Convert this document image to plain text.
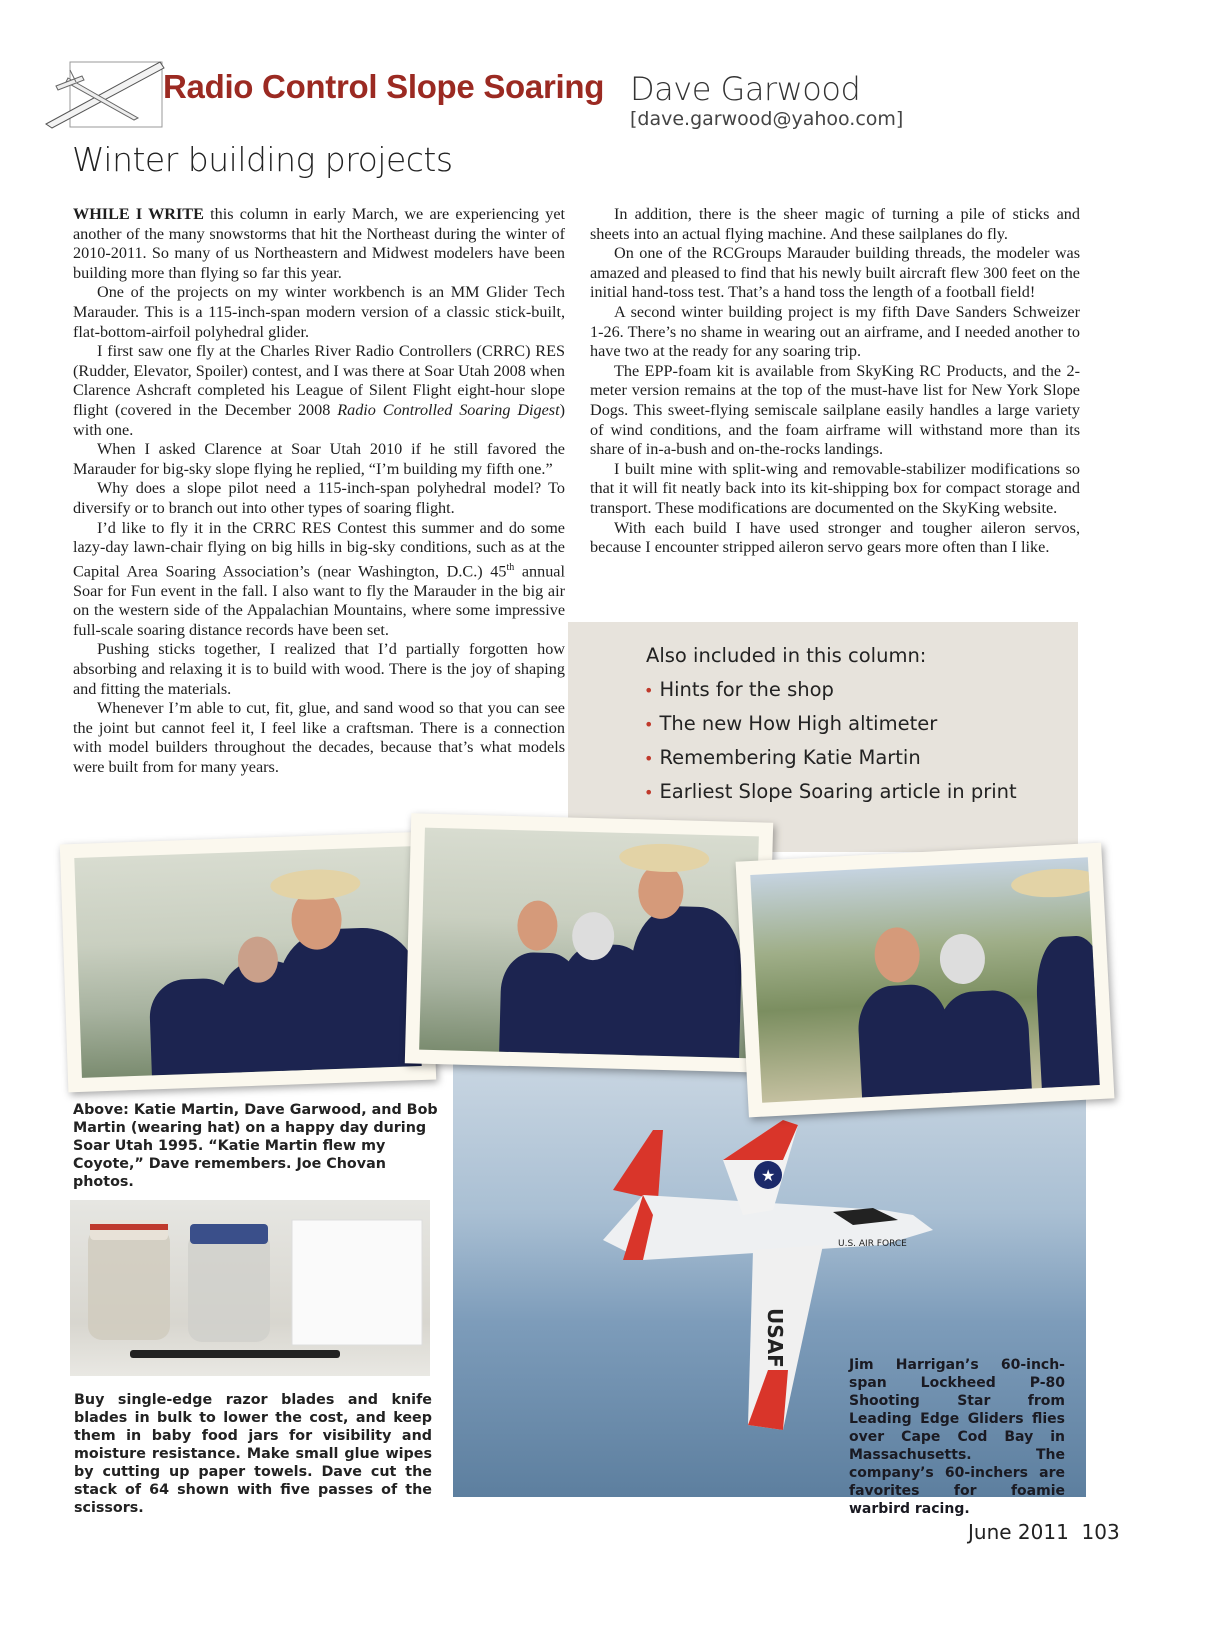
Radio Control Slope Soaring Dave Garwood
[dave.garwood@yahoo.com]
Winter building projects

WHILE I WRITE this column in early March, we are experiencing yet another of the many snowstorms that hit the Northeast during the winter of 2010-2011. So many of us Northeastern and Midwest modelers have been building more than flying so far this year.

One of the projects on my winter workbench is an MM Glider Tech Marauder. This is a 115-inch-span modern version of a classic stick-built, flat-bottom-airfoil polyhedral glider.

I first saw one fly at the Charles River Radio Controllers (CRRC) RES (Rudder, Elevator, Spoiler) contest, and I was there at Soar Utah 2008 when Clarence Ashcraft completed his League of Silent Flight eight-hour slope flight (covered in the December 2008 Radio Controlled Soaring Digest) with one.

When I asked Clarence at Soar Utah 2010 if he still favored the Marauder for big-sky slope flying he replied, “I’m building my fifth one.”

Why does a slope pilot need a 115-inch-span polyhedral model? To diversify or to branch out into other types of soaring flight.

I’d like to fly it in the CRRC RES Contest this summer and do some lazy-day lawn-chair flying on big hills in big-sky conditions, such as at the Capital Area Soaring Association’s (near Washington, D.C.) 45th annual Soar for Fun event in the fall. I also want to fly the Marauder in the big air on the western side of the Appalachian Mountains, where some impressive full-scale soaring distance records have been set.

Pushing sticks together, I realized that I’d partially forgotten how absorbing and relaxing it is to build with wood. There is the joy of shaping and fitting the materials.

Whenever I’m able to cut, fit, glue, and sand wood so that you can see the joint but cannot feel it, I feel like a craftsman. There is a connection with model builders throughout the decades, because that’s what models were built from for many years.

In addition, there is the sheer magic of turning a pile of sticks and sheets into an actual flying machine. And these sailplanes do fly.

On one of the RCGroups Marauder building threads, the modeler was amazed and pleased to find that his newly built aircraft flew 300 feet on the initial hand-toss test. That’s a hand toss the length of a football field!

A second winter building project is my fifth Dave Sanders Schweizer 1-26. There’s no shame in wearing out an airframe, and I needed another to have two at the ready for any soaring trip.

The EPP-foam kit is available from SkyKing RC Products, and the 2-meter version remains at the top of the must-have list for New York Slope Dogs. This sweet-flying semiscale sailplane easily handles a large variety of wind conditions, and the foam airframe will withstand more than its share of in-a-bush and on-the-rocks landings.

I built mine with split-wing and removable-stabilizer modifications so that it will fit neatly back into its kit-shipping box for compact storage and transport. These modifications are documented on the SkyKing website.

With each build I have used stronger and tougher aileron servos, because I encounter stripped aileron servo gears more often than I like.

Also included in this column:
• Hints for the shop
• The new How High altimeter
• Remembering Katie Martin
• Earliest Slope Soaring article in print
★
U.S. AIR FORCE
USAF
Above: Katie Martin, Dave Garwood, and Bob Martin (wearing hat) on a happy day during Soar Utah 1995. “Katie Martin flew my Coyote,” Dave remembers. Joe Chovan photos.
Buy single-edge razor blades and knife blades in bulk to lower the cost, and keep them in baby food jars for visibility and moisture resistance. Make small glue wipes by cutting up paper towels. Dave cut the stack of 64 shown with five passes of the scissors.
Jim Harrigan’s 60-inch-span Lockheed P-80 Shooting Star from Leading Edge Gliders flies over Cape Cod Bay in Massachusetts. The company’s 60-inchers are favorites for foamie warbird racing.
June 2011 103
